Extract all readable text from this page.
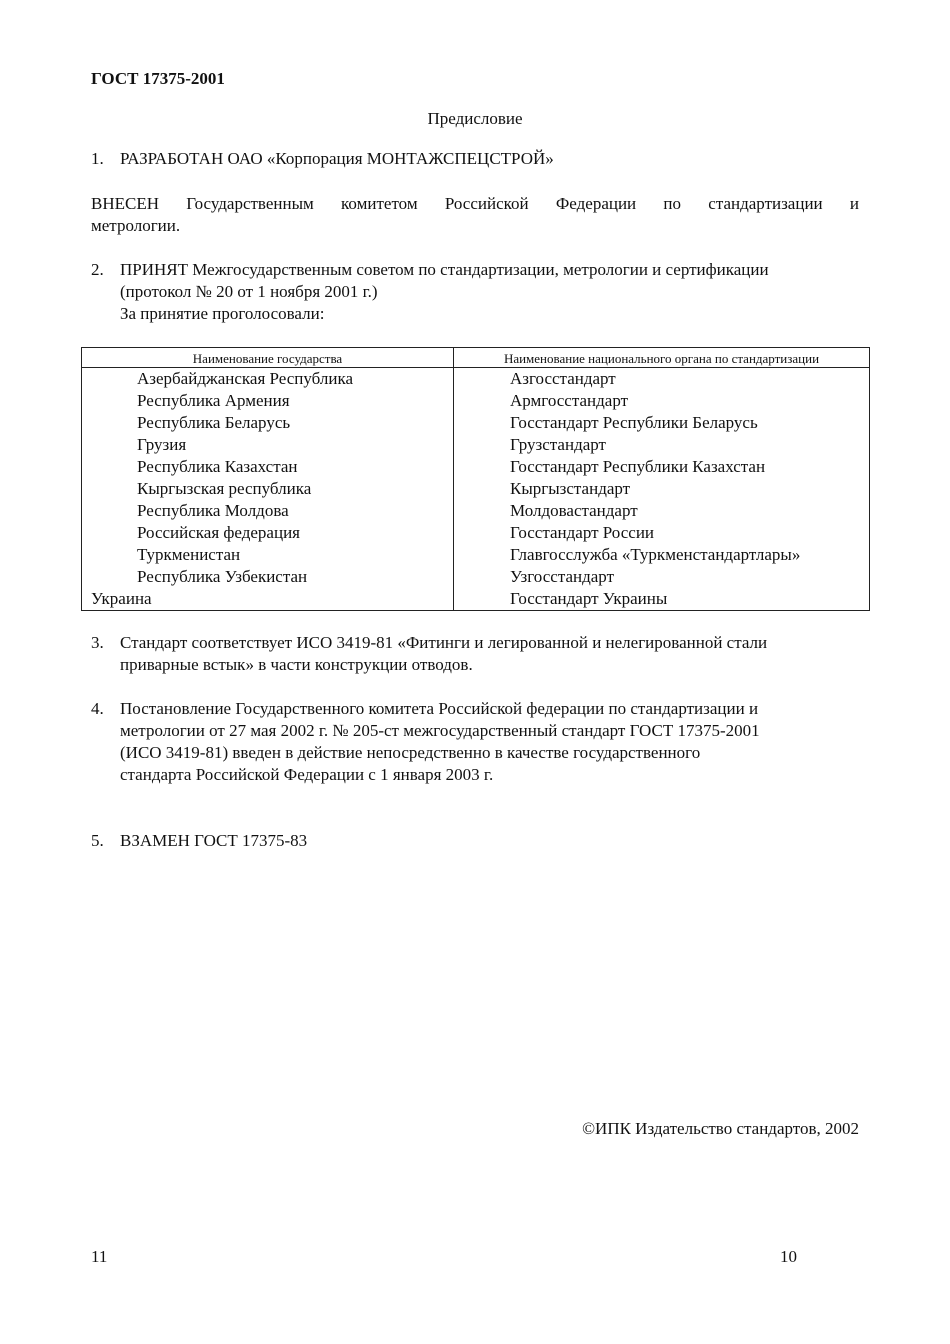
ГОСТ 17375-2001
Предисловие
1. РАЗРАБОТАН ОАО «Корпорация МОНТАЖСПЕЦСТРОЙ»
ВНЕСЕН Государственным комитетом Российской Федерации по стандартизации и
метрологии.
2. ПРИНЯТ Межгосударственным советом по стандартизации, метрологии и сертификации
(протокол № 20 от 1 ноября 2001 г.)
За принятие проголосовали:
Наименование государства	Наименование национального органа по стандартизации
Азербайджанская Республика	Азгосстандарт
Республика Армения	Армгосстандарт
Республика Беларусь	Госстандарт Республики Беларусь
Грузия	Грузстандарт
Республика Казахстан	Госстандарт Республики Казахстан
Кыргызская республика	Кыргызстандарт
Республика Молдова	Молдовастандарт
Российская федерация	Госстандарт России
Туркменистан	Главгосслужба «Туркменстандартлары»
Республика Узбекистан	Узгосстандарт
Украина	Госстандарт Украины
3. Стандарт соответствует ИСО 3419-81 «Фитинги и легированной и нелегированной стали
приварные встык» в части конструкции отводов.
4. Постановление Государственного комитета Российской федерации по стандартизации и
метрологии от 27 мая 2002 г. № 205-ст межгосударственный стандарт ГОСТ 17375-2001
(ИСО 3419-81) введен в действие непосредственно в качестве государственного
стандарта Российской Федерации с 1 января 2003 г.
5. ВЗАМЕН ГОСТ 17375-83
©ИПК Издательство стандартов, 2002
11	10
